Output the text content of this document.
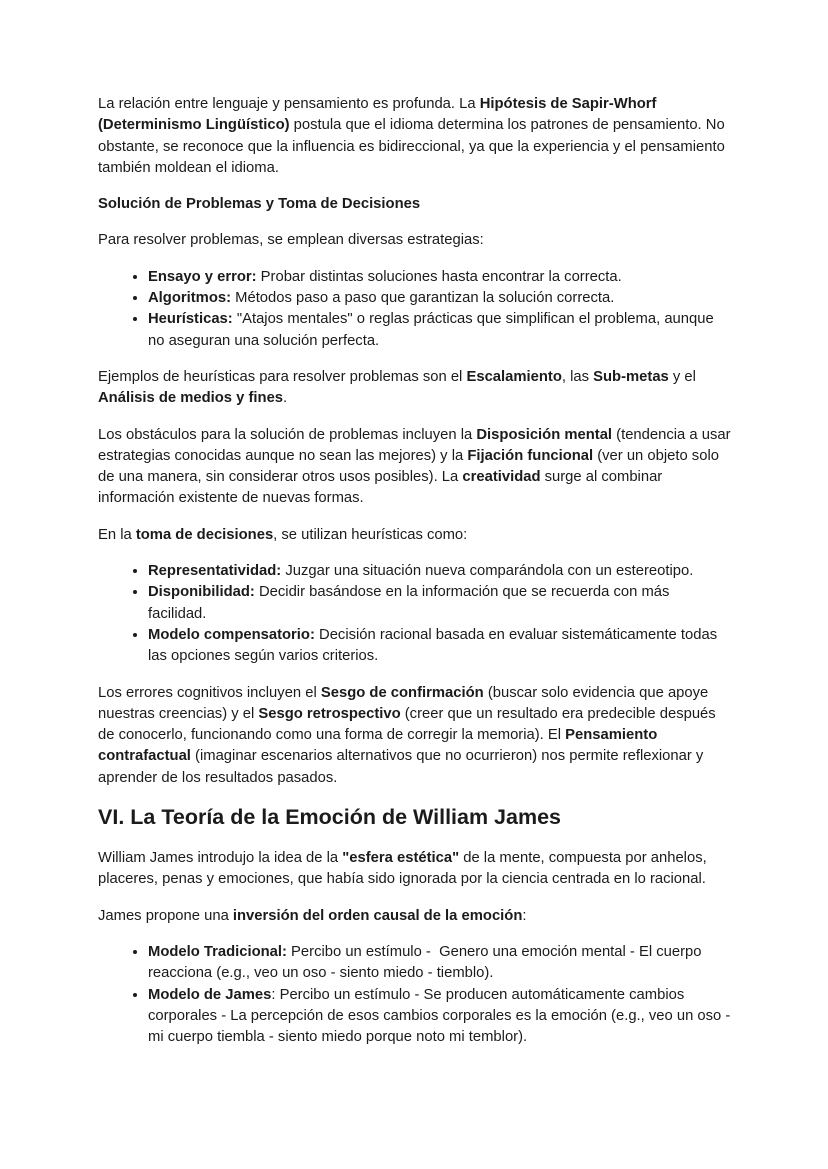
La relación entre lenguaje y pensamiento es profunda. La Hipótesis de Sapir-Whorf (Determinismo Lingüístico) postula que el idioma determina los patrones de pensamiento. No obstante, se reconoce que la influencia es bidireccional, ya que la experiencia y el pensamiento también moldean el idioma.

Solución de Problemas y Toma de Decisiones

Para resolver problemas, se emplean diversas estrategias:

• Ensayo y error: Probar distintas soluciones hasta encontrar la correcta.
• Algoritmos: Métodos paso a paso que garantizan la solución correcta.
• Heurísticas: "Atajos mentales" o reglas prácticas que simplifican el problema, aunque no aseguran una solución perfecta.

Ejemplos de heurísticas para resolver problemas son el Escalamiento, las Sub-metas y el Análisis de medios y fines.

Los obstáculos para la solución de problemas incluyen la Disposición mental (tendencia a usar estrategias conocidas aunque no sean las mejores) y la Fijación funcional (ver un objeto solo de una manera, sin considerar otros usos posibles). La creatividad surge al combinar información existente de nuevas formas.

En la toma de decisiones, se utilizan heurísticas como:

• Representatividad: Juzgar una situación nueva comparándola con un estereotipo.
• Disponibilidad: Decidir basándose en la información que se recuerda con más facilidad.
• Modelo compensatorio: Decisión racional basada en evaluar sistemáticamente todas las opciones según varios criterios.

Los errores cognitivos incluyen el Sesgo de confirmación (buscar solo evidencia que apoye nuestras creencias) y el Sesgo retrospectivo (creer que un resultado era predecible después de conocerlo, funcionando como una forma de corregir la memoria). El Pensamiento contrafactual (imaginar escenarios alternativos que no ocurrieron) nos permite reflexionar y aprender de los resultados pasados.

VI. La Teoría de la Emoción de William James

William James introdujo la idea de la "esfera estética" de la mente, compuesta por anhelos, placeres, penas y emociones, que había sido ignorada por la ciencia centrada en lo racional.

James propone una inversión del orden causal de la emoción:

• Modelo Tradicional: Percibo un estímulo -  Genero una emoción mental - El cuerpo reacciona (e.g., veo un oso - siento miedo - tiemblo).
• Modelo de James: Percibo un estímulo - Se producen automáticamente cambios corporales - La percepción de esos cambios corporales es la emoción (e.g., veo un oso - mi cuerpo tiembla - siento miedo porque noto mi temblor).
